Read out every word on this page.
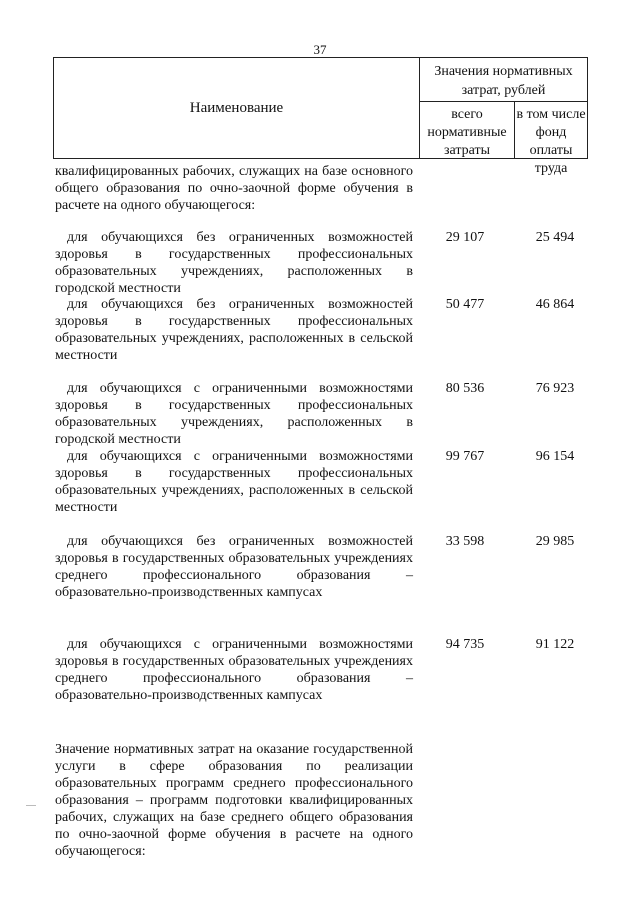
37
Наименование
Значения нормативных затрат, рублей
всего нормативные затраты
в том числе фонд оплаты труда
квалифицированных рабочих, служащих на базе основного общего образования по очно-заочной форме обучения в расчете на одного обучающегося:
для обучающихся без ограниченных возможностей здоровья в государственных профессиональных образовательных учреждениях, расположенных в городской местности
29 107	25 494
для обучающихся без ограниченных возможностей здоровья в государственных профессиональных образовательных учреждениях, расположенных в сельской местности
50 477	46 864
для обучающихся с ограниченными возможностями здоровья в государственных профессиональных образовательных учреждениях, расположенных в городской местности
80 536	76 923
для обучающихся с ограниченными возможностями здоровья в государственных профессиональных образовательных учреждениях, расположенных в сельской местности
99 767	96 154
для обучающихся без ограниченных возможностей здоровья в государственных образовательных учреждениях среднего профессионального образования – образовательно-производственных кампусах
33 598	29 985
для обучающихся с ограниченными возможностями здоровья в государственных образовательных учреждениях среднего профессионального образования – образовательно-производственных кампусах
94 735	91 122
Значение нормативных затрат на оказание государственной услуги в сфере образования по реализации образовательных программ среднего профессионального образования – программ подготовки квалифицированных рабочих, служащих на базе среднего общего образования по очно-заочной форме обучения в расчете на одного обучающегося:
